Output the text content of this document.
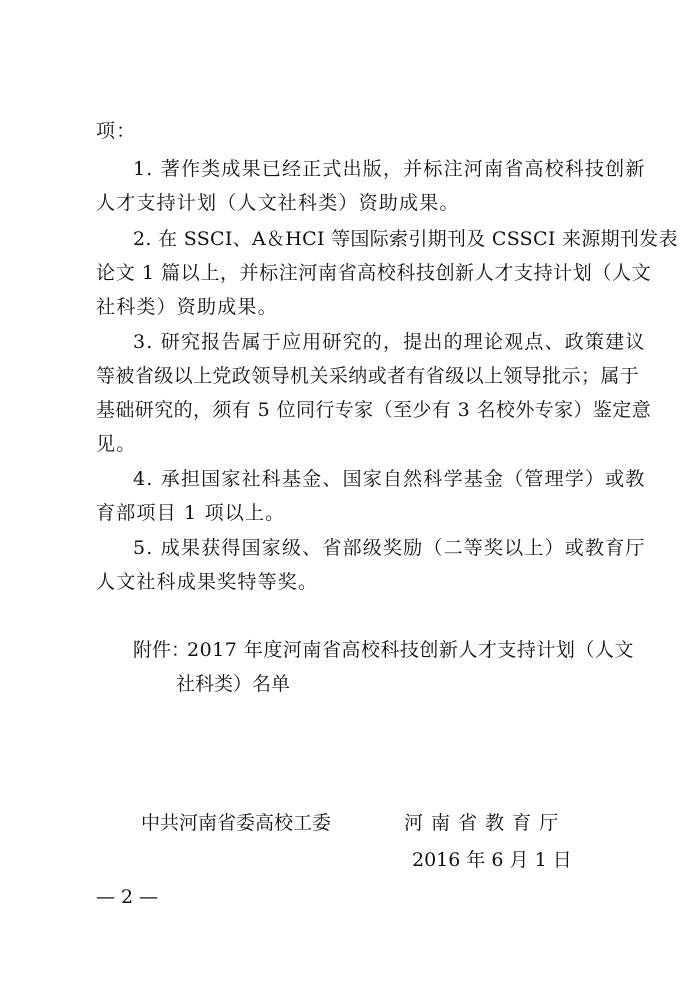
项：
1. 著作类成果已经正式出版，并标注河南省高校科技创新
人才支持计划（人文社科类）资助成果。
2. 在 SSCI、A＆HCI 等国际索引期刊及 CSSCI 来源期刊发表
论文 1 篇以上，并标注河南省高校科技创新人才支持计划（人文
社科类）资助成果。
3. 研究报告属于应用研究的，提出的理论观点、政策建议
等被省级以上党政领导机关采纳或者有省级以上领导批示；属于
基础研究的，须有 5 位同行专家（至少有 3 名校外专家）鉴定意
见。
4. 承担国家社科基金、国家自然科学基金（管理学）或教
育部项目 1 项以上。
5. 成果获得国家级、省部级奖励（二等奖以上）或教育厅
人文社科成果奖特等奖。
附件：
2017 年度河南省高校科技创新人才支持计划（人文
社科类）名单
中共河南省委高校工委	河 南 省 教 育 厅
2016 年 6 月 1 日
— 2 —
